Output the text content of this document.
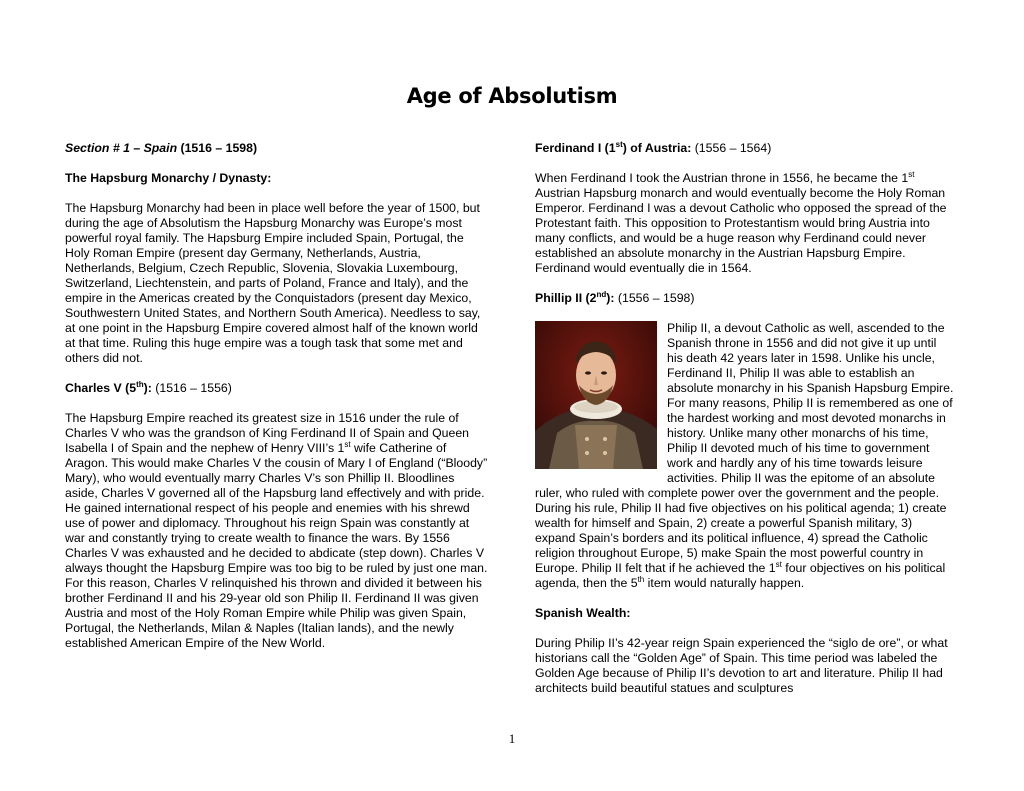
Age of Absolutism

Section # 1 – Spain (1516 – 1598)

The Hapsburg Monarchy / Dynasty:

The Hapsburg Monarchy had been in place well before the year of 1500, but during the age of Absolutism the Hapsburg Monarchy was Europe’s most powerful royal family. The Hapsburg Empire included Spain, Portugal, the Holy Roman Empire (present day Germany, Netherlands, Austria, Netherlands, Belgium, Czech Republic, Slovenia, Slovakia Luxembourg, Switzerland, Liechtenstein, and parts of Poland, France and Italy), and the empire in the Americas created by the Conquistadors (present day Mexico, Southwestern United States, and Northern South America). Needless to say, at one point in the Hapsburg Empire covered almost half of the known world at that time. Ruling this huge empire was a tough task that some met and others did not.

Charles V (5th): (1516 – 1556)

The Hapsburg Empire reached its greatest size in 1516 under the rule of Charles V who was the grandson of King Ferdinand II of Spain and Queen Isabella I of Spain and the nephew of Henry VIII’s 1st wife Catherine of Aragon. This would make Charles V the cousin of Mary I of England (“Bloody” Mary), who would eventually marry Charles V’s son Phillip II. Bloodlines aside, Charles V governed all of the Hapsburg land effectively and with pride. He gained international respect of his people and enemies with his shrewd use of power and diplomacy. Throughout his reign Spain was constantly at war and constantly trying to create wealth to finance the wars. By 1556 Charles V was exhausted and he decided to abdicate (step down). Charles V always thought the Hapsburg Empire was too big to be ruled by just one man. For this reason, Charles V relinquished his thrown and divided it between his brother Ferdinand II and his 29-year old son Philip II. Ferdinand II was given Austria and most of the Holy Roman Empire while Philip was given Spain, Portugal, the Netherlands, Milan & Naples (Italian lands), and the newly established American Empire of the New World.

Ferdinand I (1st) of Austria: (1556 – 1564)

When Ferdinand I took the Austrian throne in 1556, he became the 1st Austrian Hapsburg monarch and would eventually become the Holy Roman Emperor. Ferdinand I was a devout Catholic who opposed the spread of the Protestant faith. This opposition to Protestantism would bring Austria into many conflicts, and would be a huge reason why Ferdinand could never established an absolute monarchy in the Austrian Hapsburg Empire. Ferdinand would eventually die in 1564.

Phillip II (2nd): (1556 – 1598)

Philip II, a devout Catholic as well, ascended to the Spanish throne in 1556 and did not give it up until his death 42 years later in 1598. Unlike his uncle, Ferdinand II, Philip II was able to establish an absolute monarchy in his Spanish Hapsburg Empire. For many reasons, Philip II is remembered as one of the hardest working and most devoted monarchs in history. Unlike many other monarchs of his time, Philip II devoted much of his time to government work and hardly any of his time towards leisure activities. Philip II was the epitome of an absolute ruler, who ruled with complete power over the government and the people. During his rule, Philip II had five objectives on his political agenda; 1) create wealth for himself and Spain, 2) create a powerful Spanish military, 3) expand Spain’s borders and its political influence, 4) spread the Catholic religion throughout Europe, 5) make Spain the most powerful country in Europe. Philip II felt that if he achieved the 1st four objectives on his political agenda, then the 5th item would naturally happen.

Spanish Wealth:

During Philip II’s 42-year reign Spain experienced the “siglo de ore”, or what historians call the “Golden Age” of Spain. This time period was labeled the Golden Age because of Philip II’s devotion to art and literature. Philip II had architects build beautiful statues and sculptures

1
